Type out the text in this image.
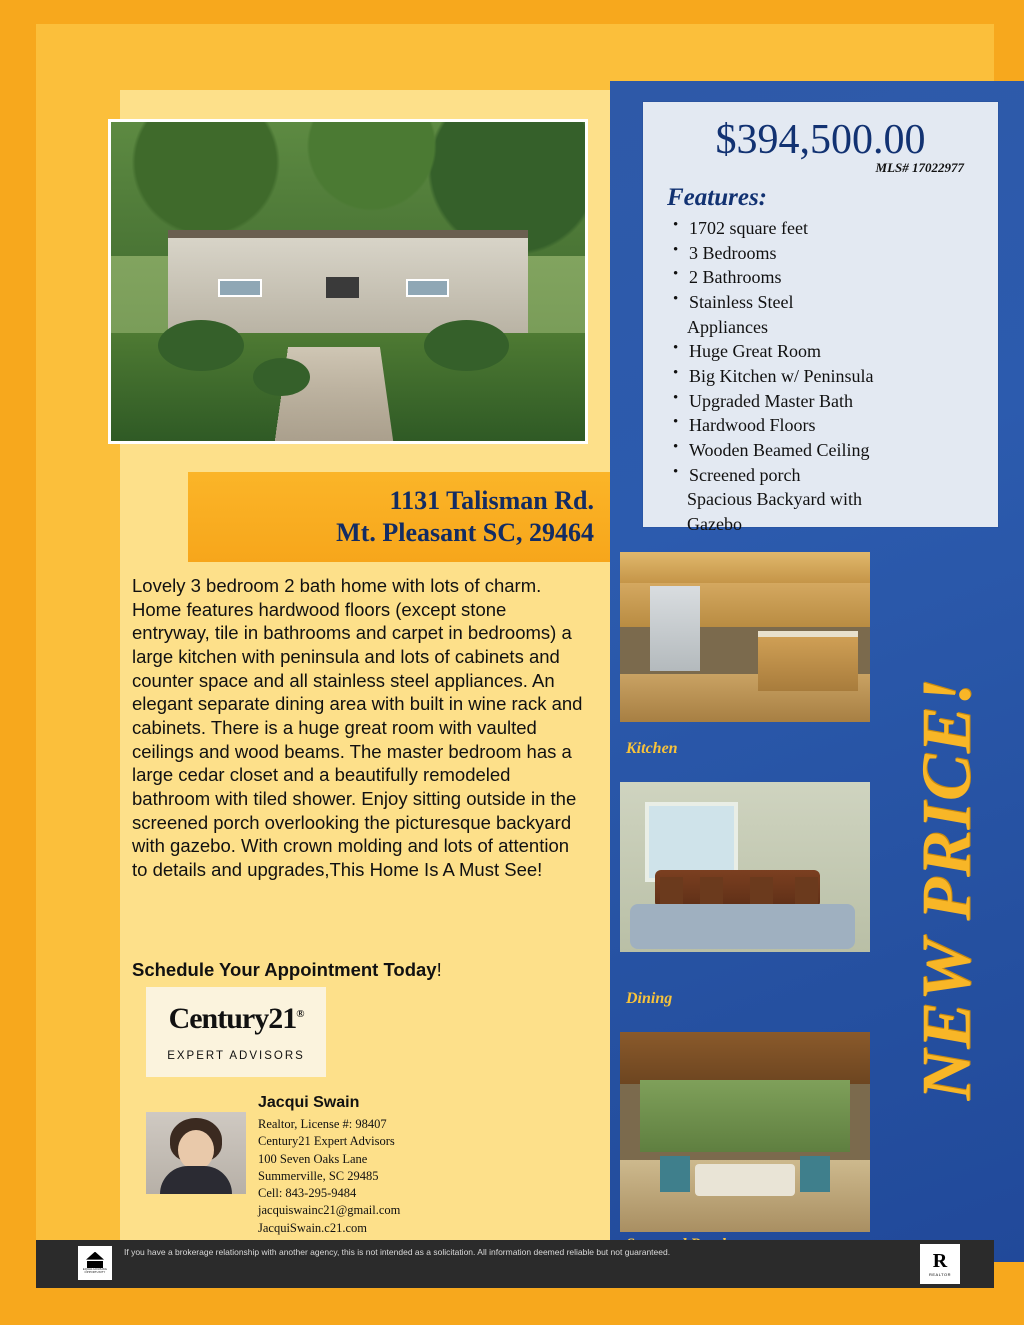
1131 Talisman Rd.
Mt. Pleasant SC, 29464
Lovely 3 bedroom 2 bath home with lots of charm. Home features hardwood floors (except stone entryway, tile in bathrooms and carpet in bedrooms) a large kitchen with peninsula and lots of cabinets and counter space and all stainless steel appliances. An elegant separate dining area with built in wine rack and cabinets. There is a huge great room with vaulted ceilings and wood beams. The master bedroom has a large cedar closet and a beautifully remodeled bathroom with tiled shower. Enjoy sitting outside in the screened porch overlooking the picturesque backyard with gazebo. With crown molding and lots of attention to details and upgrades,This Home Is A Must See!
Schedule Your Appointment Today!
Century21®
EXPERT ADVISORS
Jacqui Swain
Realtor, License #: 98407
Century21 Expert Advisors
100 Seven Oaks Lane
Summerville, SC 29485
Cell: 843-295-9484
jacquiswainc21@gmail.com
JacquiSwain.c21.com
$394,500.00
MLS# 17022977
Features:
• 1702 square feet
• 3 Bedrooms
• 2 Bathrooms
• Stainless Steel
Appliances
• Huge Great Room
• Big Kitchen w/ Peninsula
• Upgraded Master Bath
• Hardwood Floors
• Wooden Beamed Ceiling
• Screened porch
Spacious Backyard with
Gazebo
NEW PRICE!
Kitchen
Dining
EQUAL HOUSING OPPORTUNITY
If you have a brokerage relationship with another agency, this is not intended as a solicitation. All information deemed reliable but not guaranteed.	R
REALTOR
